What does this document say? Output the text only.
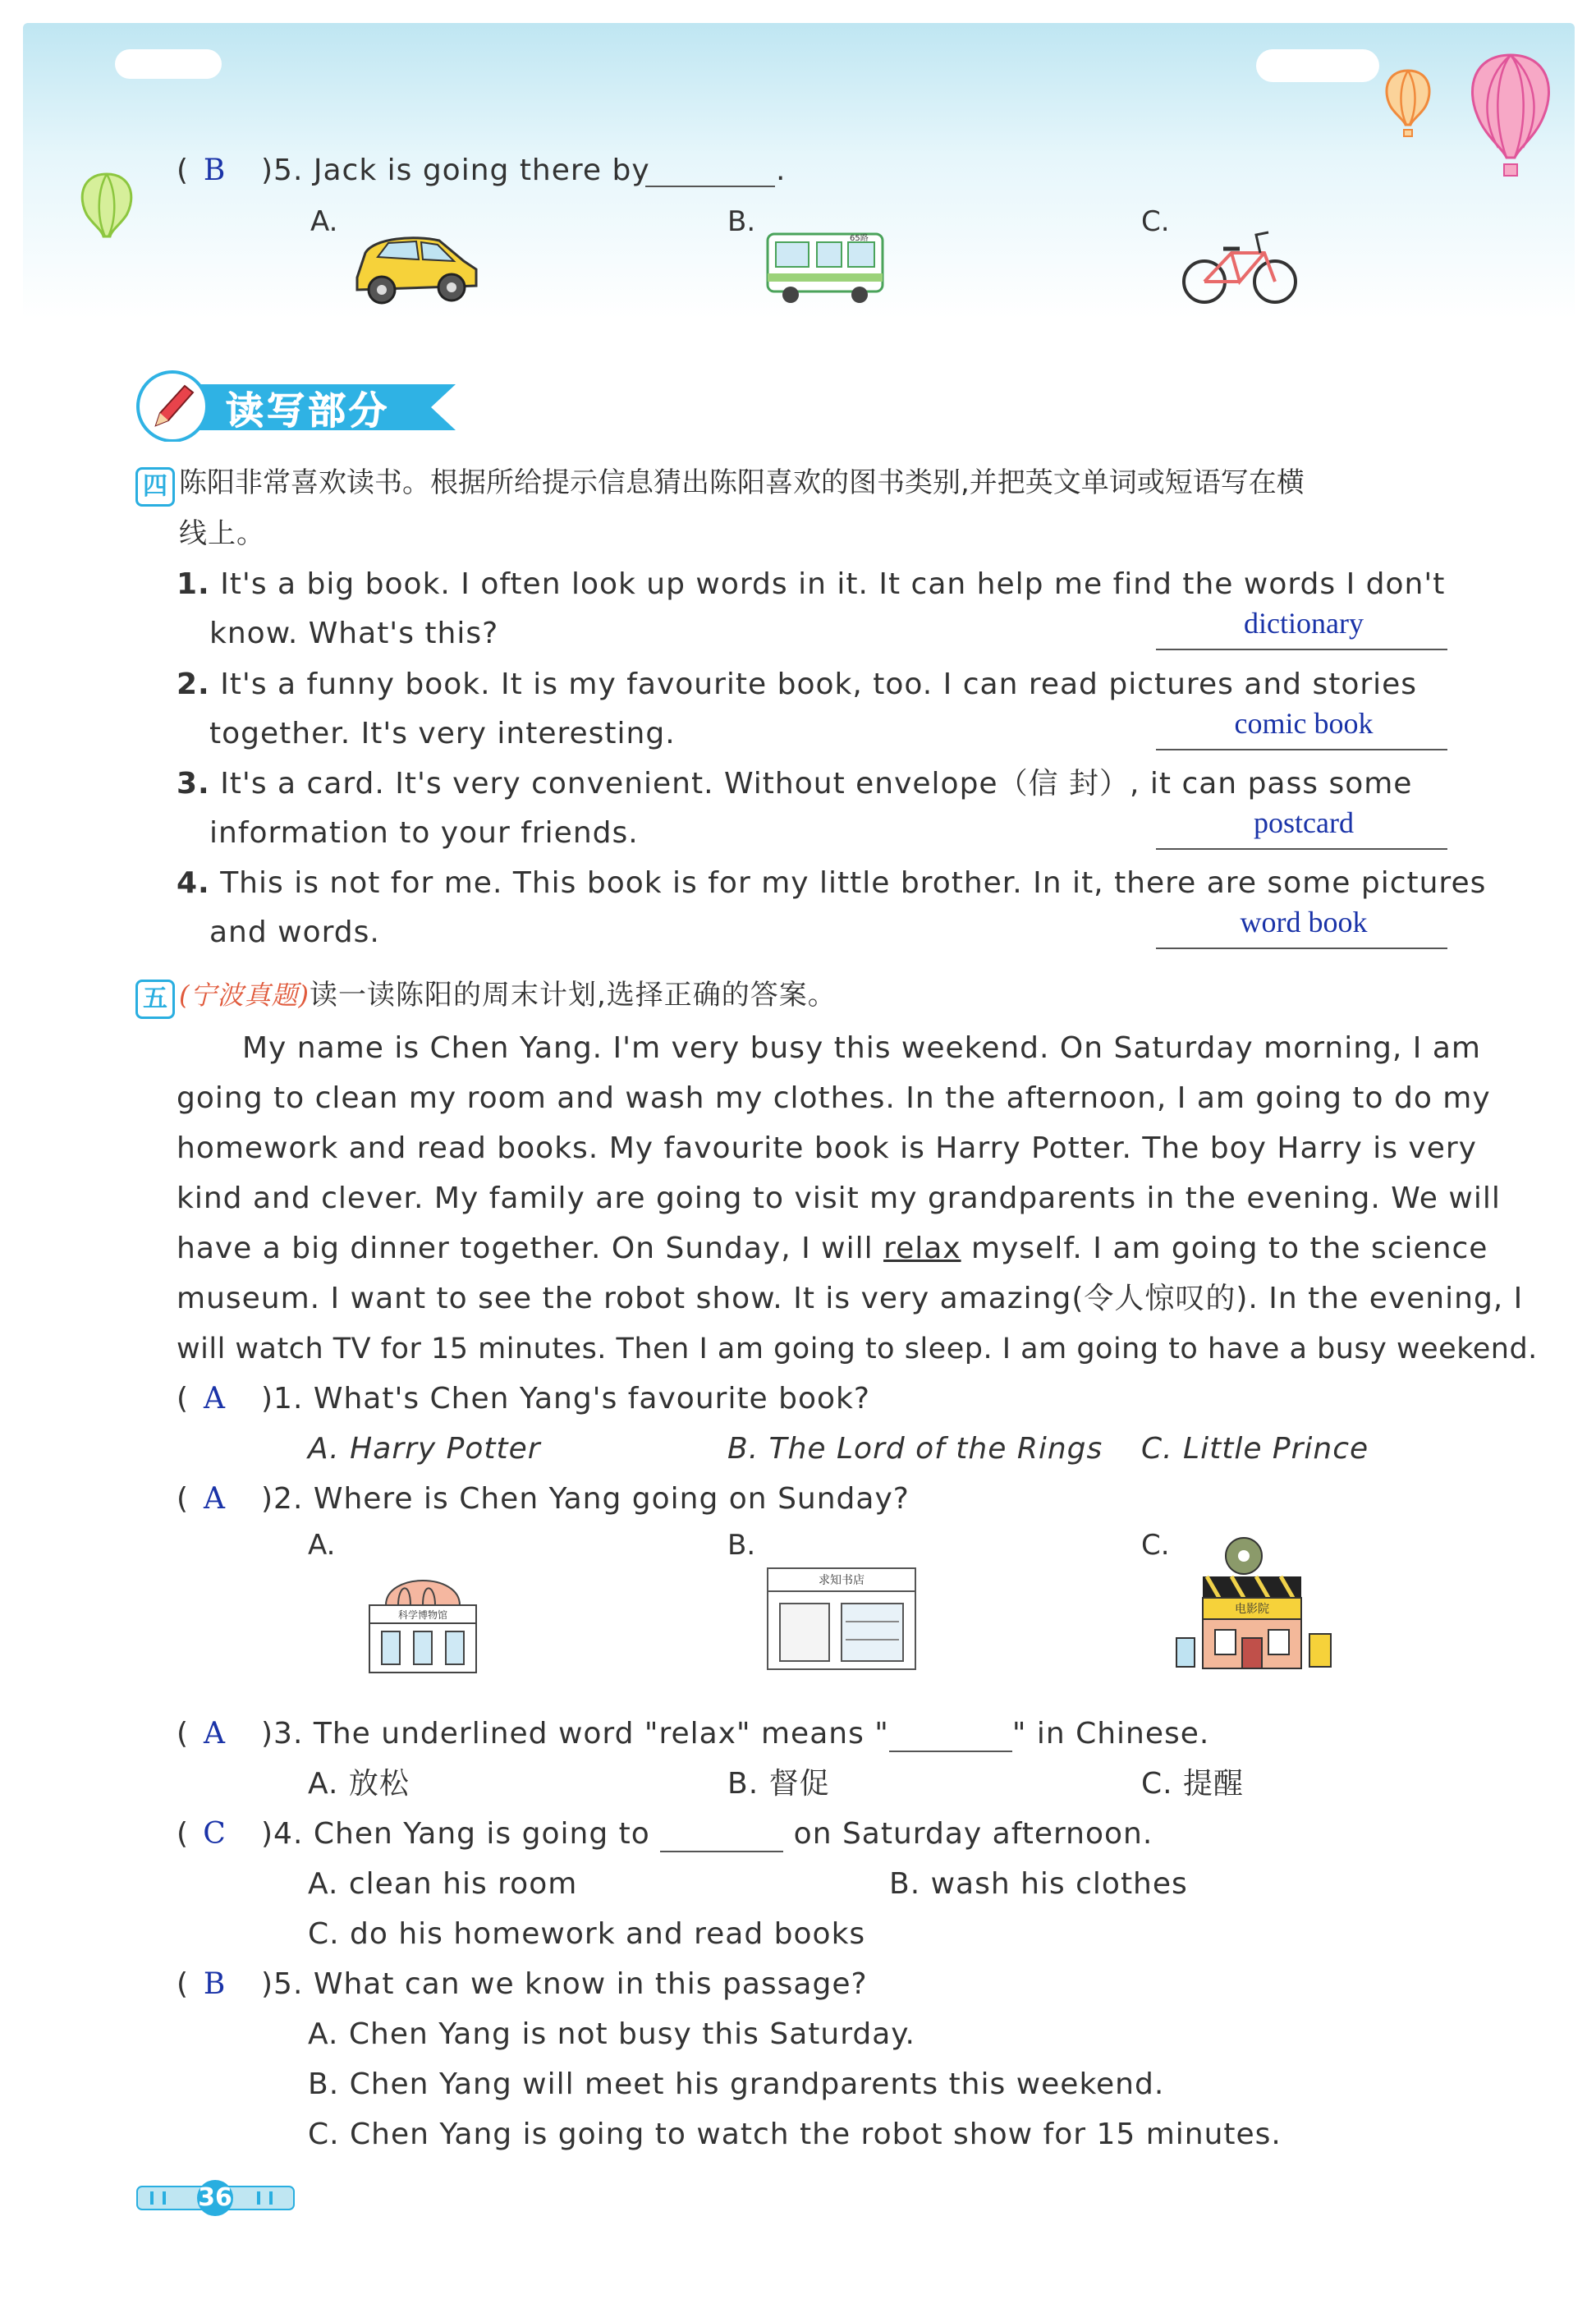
( B	)5. Jack is going there by	.
A.	B.	C.
65路
读写部分
四 陈阳非常喜欢读书。根据所给提示信息猜出陈阳喜欢的图书类别,并把英文单词或短语写在横
线上。
1. It's a big book. I often look up words in it. It can help me find the words I don't
know. What's this?	dictionary
2. It's a funny book. It is my favourite book, too. I can read pictures and stories
together. It's very interesting.	comic book
3. It's a card. It's very convenient. Without envelope（信 封）, it can pass some
information to your friends.	postcard
4. This is not for me. This book is for my little brother. In it, there are some pictures
and words.	word book
五 (宁波真题)读一读陈阳的周末计划,选择正确的答案。
My name is Chen Yang. I'm very busy this weekend. On Saturday morning, I am
going to clean my room and wash my clothes. In the afternoon, I am going to do my
homework and read books. My favourite book is Harry Potter. The boy Harry is very
kind and clever. My family are going to visit my grandparents in the evening. We will
have a big dinner together. On Sunday, I will relax myself. I am going to the science
museum. I want to see the robot show. It is very amazing(令人惊叹的). In the evening, I
will watch TV for 15 minutes. Then I am going to sleep. I am going to have a busy weekend.
( A	)1. What's Chen Yang's favourite book?
A. Harry Potter	B. The Lord of the Rings C. Little Prince
( A	)2. Where is Chen Yang going on Sunday?
A.	B.	C.
科学博物馆
求知书店
电影院
( A	)3. The underlined word "relax" means "	" in Chinese.
A. 放松	B. 督促	C. 提醒
( C	)4. Chen Yang is going to	on Saturday afternoon.
A. clean his room	B. wash his clothes
C. do his homework and read books
( B	)5. What can we know in this passage?
A. Chen Yang is not busy this Saturday.
B. Chen Yang will meet his grandparents this weekend.
C. Chen Yang is going to watch the robot show for 15 minutes.
36
